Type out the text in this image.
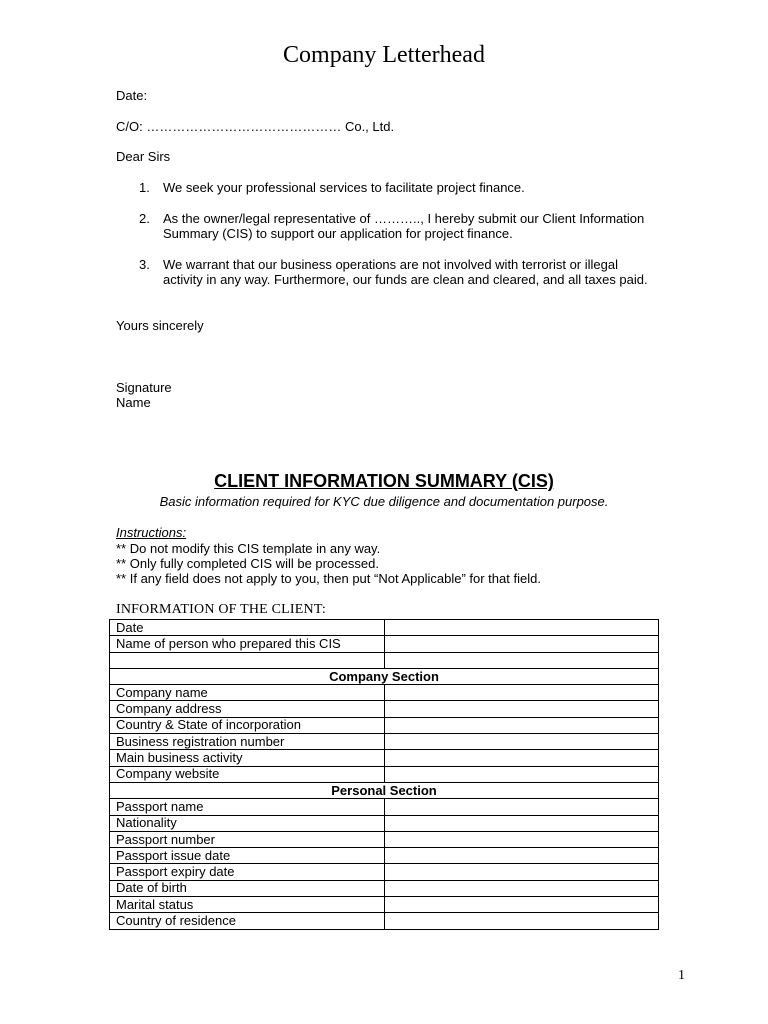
Company Letterhead
Date:
C/O: ……………………………………… Co., Ltd.
Dear Sirs
1. We seek your professional services to facilitate project finance.
2. As the owner/legal representative of ……….., I hereby submit our Client Information Summary (CIS) to support our application for project finance.
3. We warrant that our business operations are not involved with terrorist or illegal activity in any way. Furthermore, our funds are clean and cleared, and all taxes paid.
Yours sincerely
Signature
Name
CLIENT INFORMATION SUMMARY (CIS)
Basic information required for KYC due diligence and documentation purpose.
Instructions:
** Do not modify this CIS template in any way.
** Only fully completed CIS will be processed.
** If any field does not apply to you, then put “Not Applicable” for that field.
INFORMATION OF THE CLIENT:
Date	
Name of person who prepared this CIS	

Company Section	
Company name	
Company address	
Country & State of incorporation	
Business registration number	
Main business activity	
Company website	
Personal Section	
Passport name	
Nationality	
Passport number	
Passport issue date	
Passport expiry date	
Date of birth	
Marital status	
Country of residence	
1
